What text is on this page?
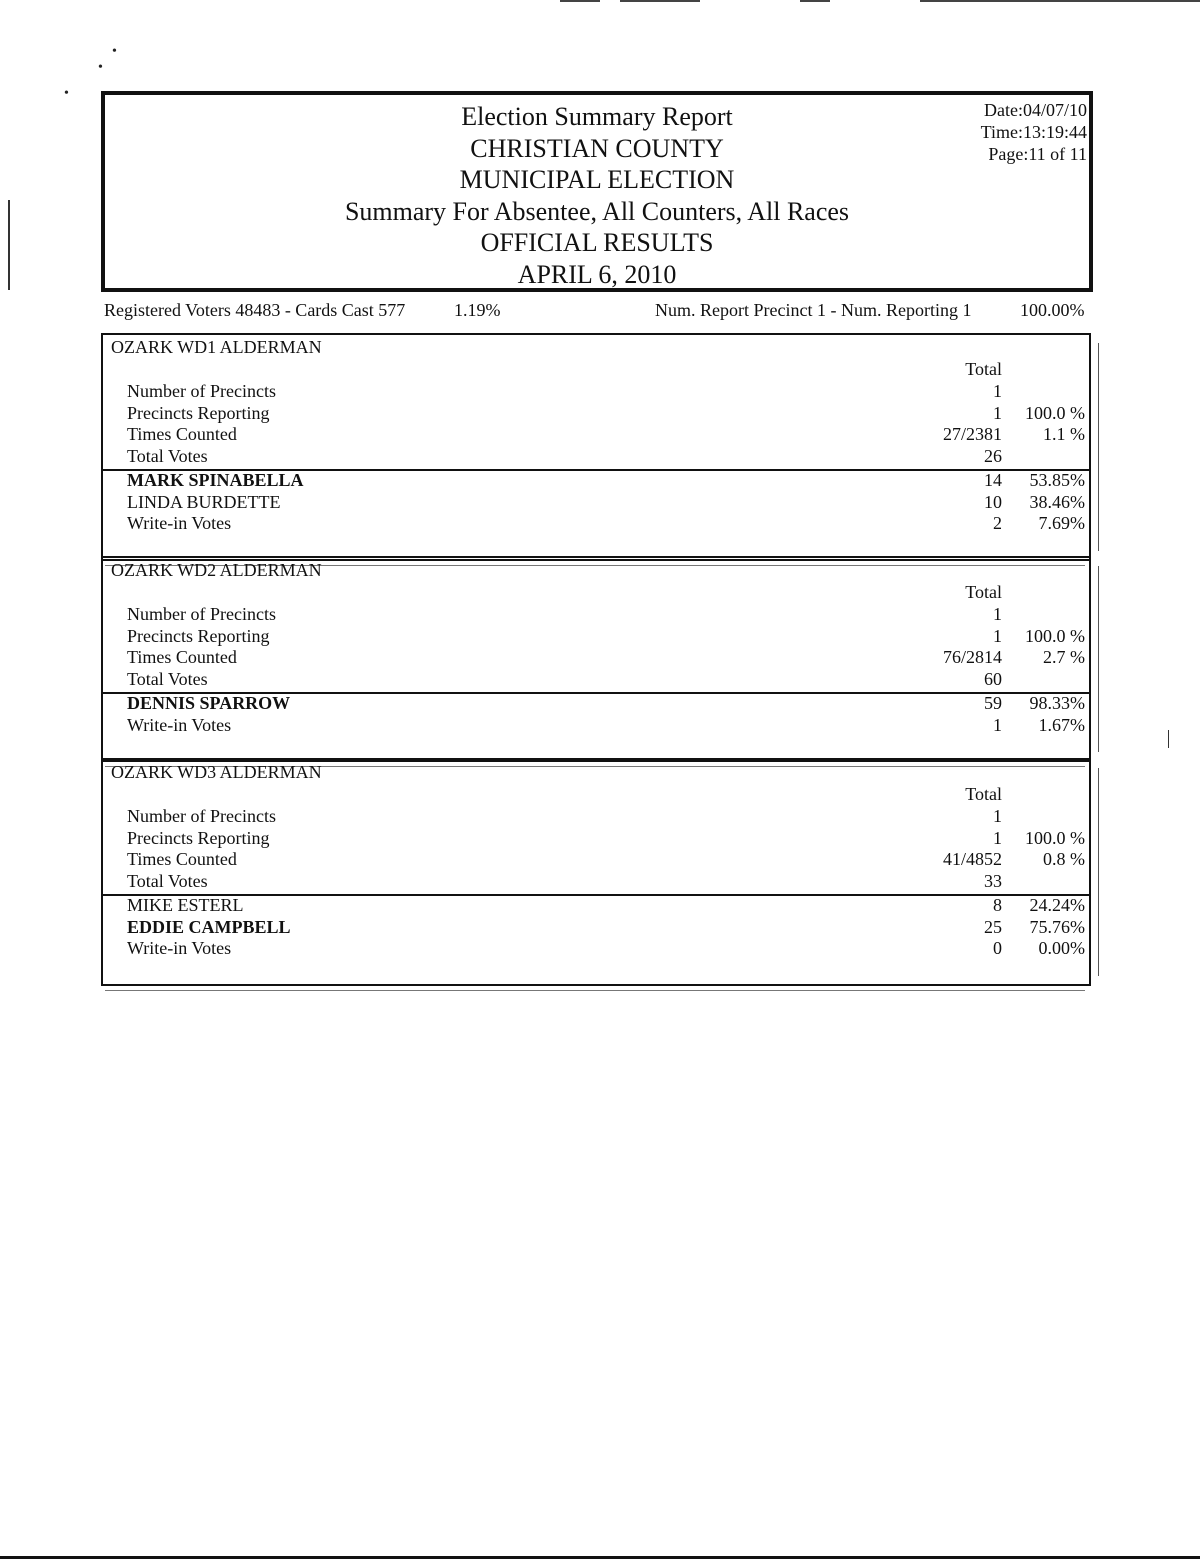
•
•
•
Election Summary Report
CHRISTIAN COUNTY
MUNICIPAL ELECTION
Summary For Absentee, All Counters, All Races
OFFICIAL RESULTS
APRIL 6, 2010
Date:04/07/10
Time:13:19:44
Page:11 of 11
Registered Voters 48483 - Cards Cast 577	1.19%	Num. Report Precinct 1 - Num. Reporting 1	100.00%
OZARK WD1 ALDERMAN
Total
Number of Precincts	1
Precincts Reporting	1	100.0 %
Times Counted	27/2381	1.1 %
Total Votes	26
MARK SPINABELLA	14	53.85%
LINDA BURDETTE	10	38.46%
Write-in Votes	2	7.69%
OZARK WD2 ALDERMAN
Total
Number of Precincts	1
Precincts Reporting	1	100.0 %
Times Counted	76/2814	2.7 %
Total Votes	60
DENNIS SPARROW	59	98.33%
Write-in Votes	1	1.67%
OZARK WD3 ALDERMAN
Total
Number of Precincts	1
Precincts Reporting	1	100.0 %
Times Counted	41/4852	0.8 %
Total Votes	33
MIKE ESTERL	8	24.24%
EDDIE CAMPBELL	25	75.76%
Write-in Votes	0	0.00%
